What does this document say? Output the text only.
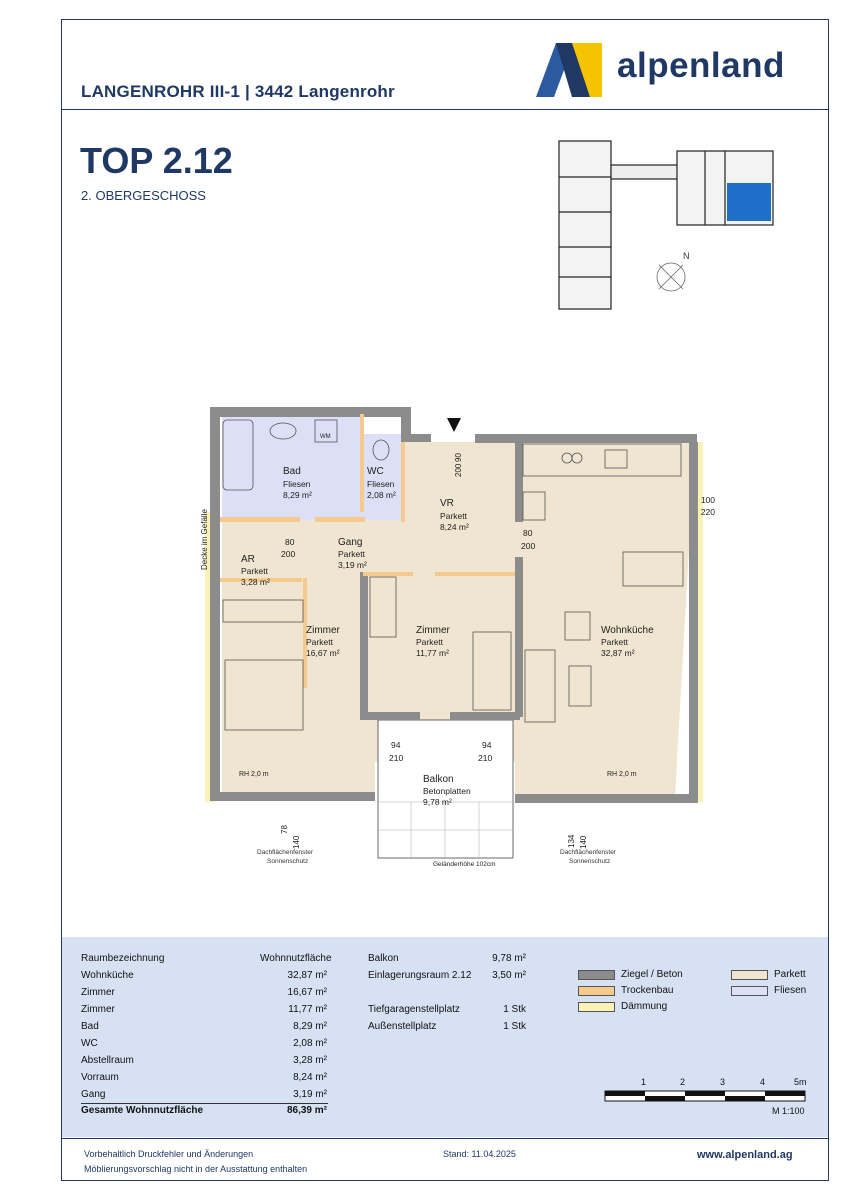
LANGENROHR III-1 | 3442 Langenrohr
alpenland
TOP 2.12
2. OBERGESCHOSS
N
Bad
Fliesen
8,29 m²
WC
Fliesen
2,08 m²
VR
Parkett
8,24 m²
Gang
Parkett
3,19 m²
AR
Parkett
3,28 m²
Zimmer
Parkett
16,67 m²
Zimmer
Parkett
11,77 m²
Wohnküche
Parkett
32,87 m²
Balkon
Betonplatten
9,78 m²
WM
Geländerhöhe 102cm
RH 2,0 m	RH 2,0 m
Dachflächenfenster
Sonnenschutz
Dachflächenfenster
Sonnenschutz
Decke im Gefälle	80
200
80
200
94
210
94
210
100
220
90
200
78
140	134 140
Raumbezeichnung	Wohnnutzfläche
Wohnküche	32,87 m²
Zimmer	16,67 m²
Zimmer	11,77 m²
Bad	8,29 m²
WC	2,08 m²
Abstellraum	3,28 m²
Vorraum	8,24 m²
Gang	3,19 m²
Gesamte Wohnnutzfläche	86,39 m²
Balkon	9,78 m²
Einlagerungsraum 2.12	3,50 m²
Tiefgaragenstellplatz	1 Stk
Außenstellplatz	1 Stk
Ziegel / Beton
Trockenbau
Dämmung
Parkett
Fliesen
1	2	3	4	5m
M 1:100
Vorbehaltlich Druckfehler und Änderungen
Möblierungsvorschlag nicht in der Ausstattung enthalten
Stand: 11.04.2025	www.alpenland.ag
